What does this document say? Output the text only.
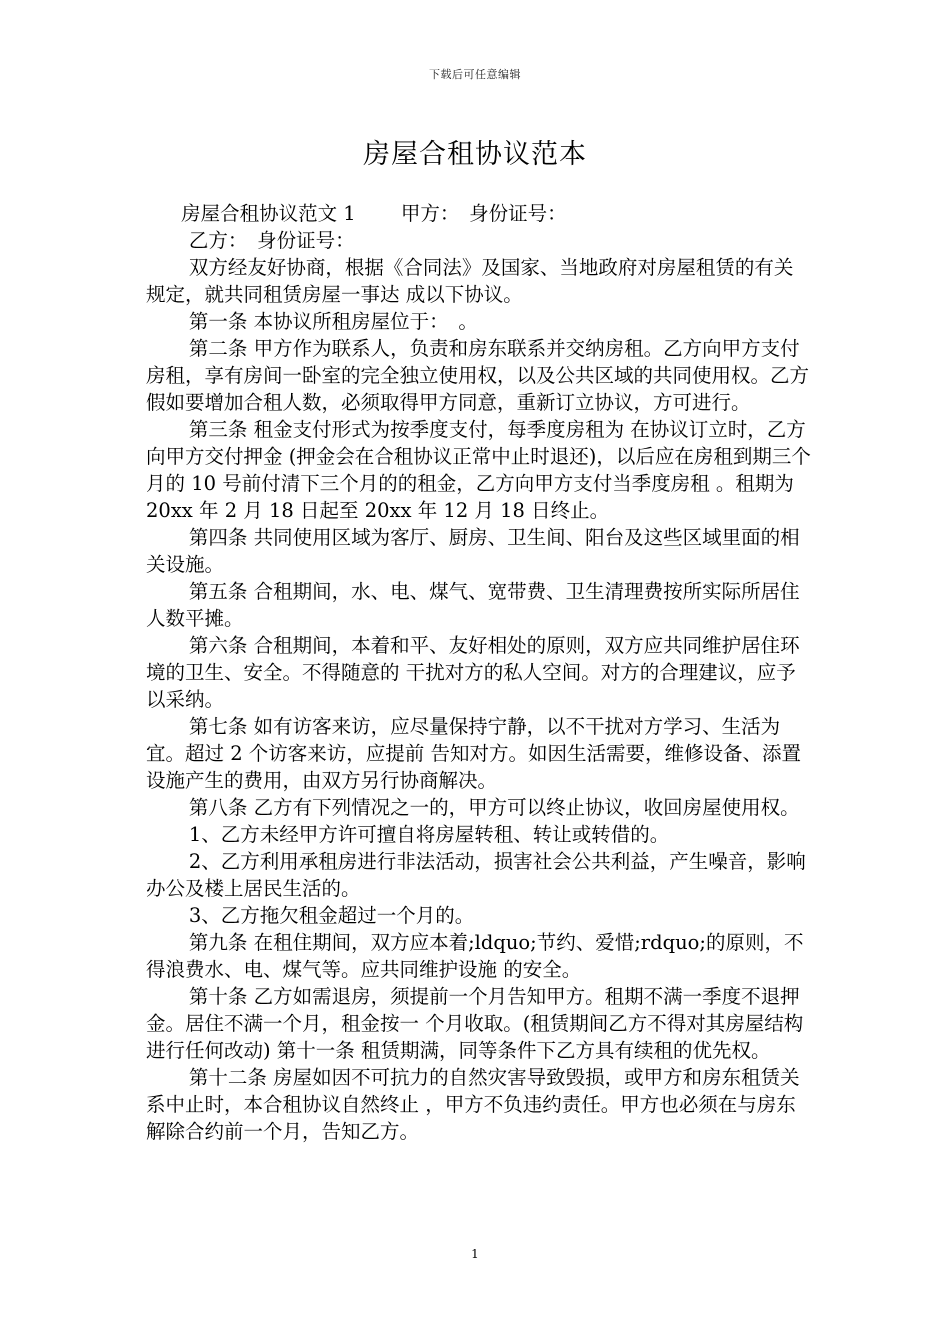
下载后可任意编辑
房屋合租协议范本

房屋合租协议范文 1　　 甲方：　身份证号：

乙方：　身份证号：

双方经友好协商，根据《合同法》及国家、当地政府对房屋租赁的有关规定，就共同租赁房屋一事达 成以下协议。

第一条 本协议所租房屋位于：　。

第二条 甲方作为联系人，负责和房东联系并交纳房租。乙方向甲方支付房租，享有房间一卧室的完全独立使用权，以及公共区域的共同使用权。乙方假如要增加合租人数，必须取得甲方同意，重新订立协议，方可进行。

第三条 租金支付形式为按季度支付，每季度房租为 在协议订立时，乙方向甲方交付押金 (押金会在合租协议正常中止时退还)，以后应在房租到期三个月的 10 号前付清下三个月的的租金，乙方向甲方支付当季度房租 。租期为 20xx 年 2 月 18 日起至 20xx 年 12 月 18 日终止。

第四条 共同使用区域为客厅、厨房、卫生间、阳台及这些区域里面的相关设施。

第五条 合租期间，水、电、煤气、宽带费、卫生清理费按所实际所居住人数平摊。

第六条 合租期间，本着和平、友好相处的原则，双方应共同维护居住环境的卫生、安全。不得随意的 干扰对方的私人空间。对方的合理建议，应予以采纳。

第七条 如有访客来访，应尽量保持宁静，以不干扰对方学习、生活为宜。超过 2 个访客来访，应提前 告知对方。如因生活需要，维修设备、添置设施产生的费用，由双方另行协商解决。

第八条 乙方有下列情况之一的，甲方可以终止协议，收回房屋使用权。

1、乙方未经甲方许可擅自将房屋转租、转让或转借的。

2、乙方利用承租房进行非法活动，损害社会公共利益，产生噪音，影响办公及楼上居民生活的。

3、乙方拖欠租金超过一个月的。

第九条 在租住期间，双方应本着;ldquo;节约、爱惜;rdquo;的原则，不得浪费水、电、煤气等。应共同维护设施 的安全。

第十条 乙方如需退房，须提前一个月告知甲方。租期不满一季度不退押金。居住不满一个月，租金按一 个月收取。(租赁期间乙方不得对其房屋结构进行任何改动) 第十一条 租赁期满，同等条件下乙方具有续租的优先权。

第十二条 房屋如因不可抗力的自然灾害导致毁损，或甲方和房东租赁关系中止时，本合租协议自然终止 ，甲方不负违约责任。甲方也必须在与房东解除合约前一个月，告知乙方。

1
